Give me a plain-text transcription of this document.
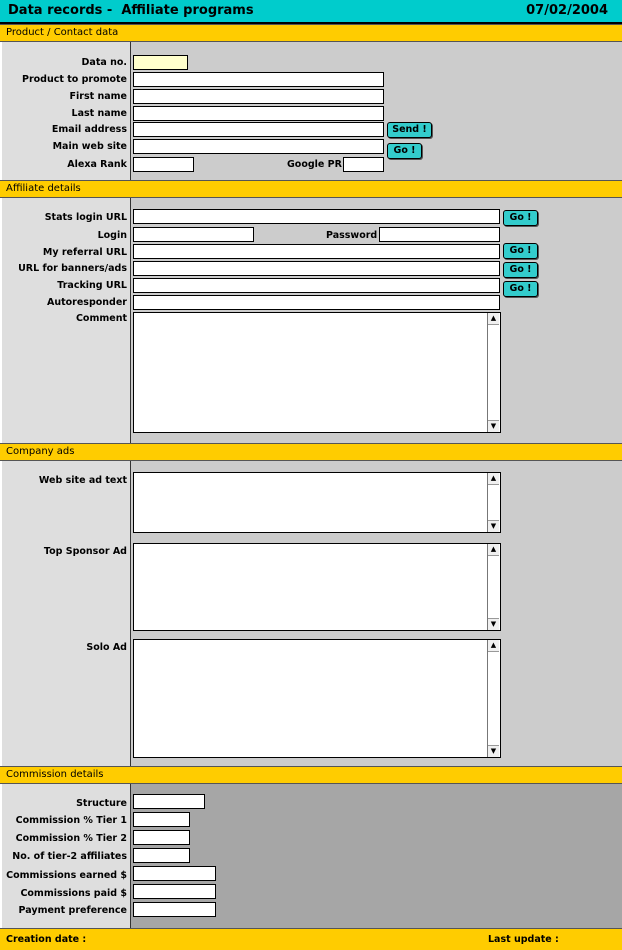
Data records -  Affiliate programs	07/02/2004
Product / Contact data
Data no.
Product to promote
First name
Last name
Email address	Send !
Main web site	Go !
Alexa Rank	Google PR
Affiliate details
Stats login URL	Go !
Login	Password
My referral URL	Go !
URL for banners/ads	Go !
Tracking URL	Go !
Autoresponder
Comment	▲
▼
Company ads
Web site ad text	▲
▼
Top Sponsor Ad	▲
▼
Solo Ad	▲
▼
Commission details
Structure
Commission % Tier 1
Commission % Tier 2
No. of tier-2 affiliates
Commissions earned $
Commissions paid $
Payment preference
Creation date :	Last update :
